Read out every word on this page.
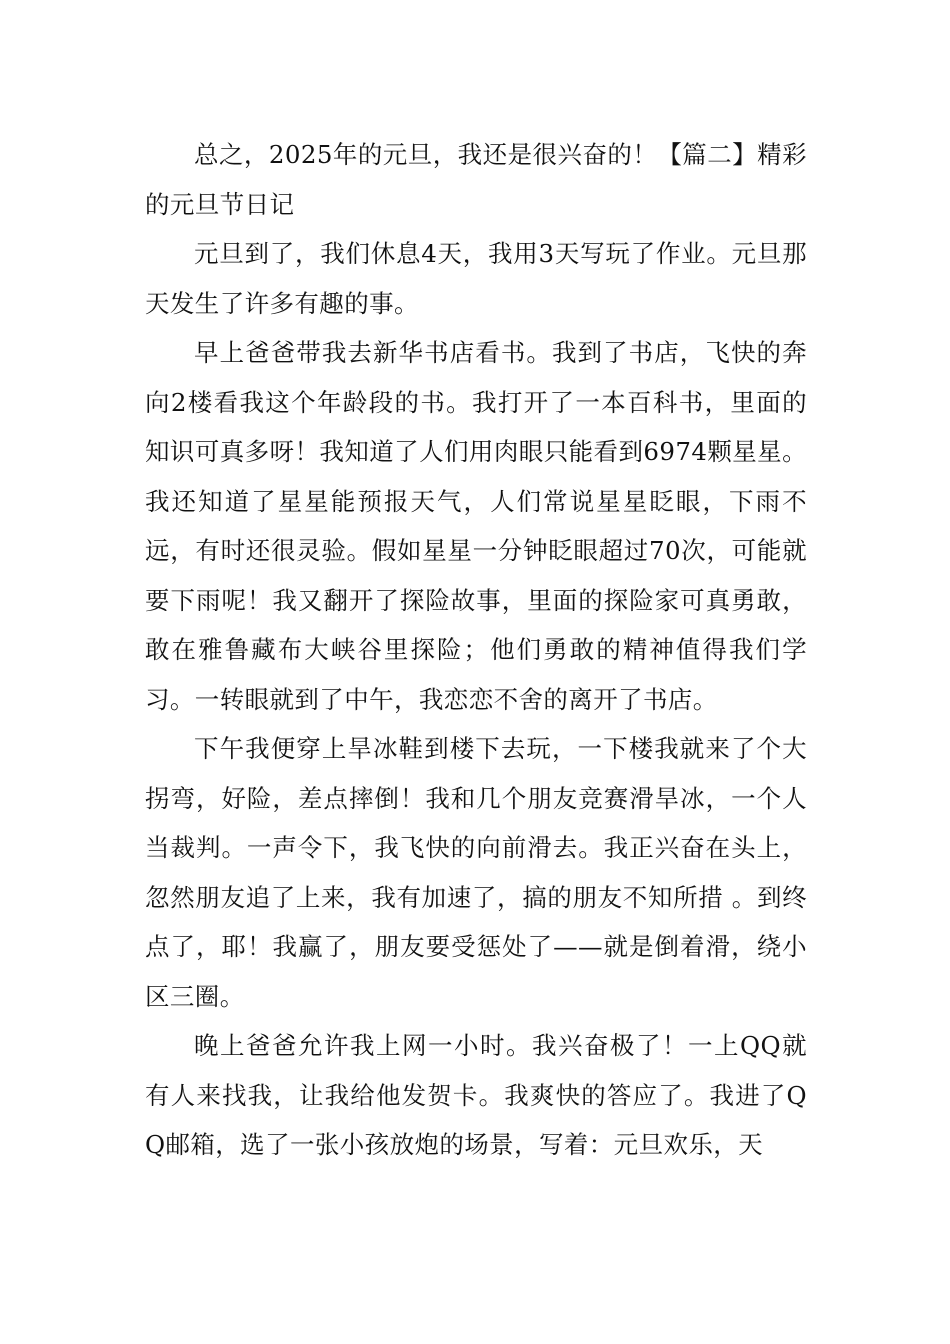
总之，2025年的元旦，我还是很兴奋的！【篇二】精彩的元旦节日记

元旦到了，我们休息4天，我用3天写玩了作业。元旦那天发生了许多有趣的事。

早上爸爸带我去新华书店看书。我到了书店，飞快的奔向2楼看我这个年龄段的书。我打开了一本百科书，里面的知识可真多呀！我知道了人们用肉眼只能看到6974颗星星。我还知道了星星能预报天气，人们常说星星眨眼，下雨不远，有时还很灵验。假如星星一分钟眨眼超过70次，可能就要下雨呢！我又翻开了探险故事，里面的探险家可真勇敢，敢在雅鲁藏布大峡谷里探险；他们勇敢的精神值得我们学习。一转眼就到了中午，我恋恋不舍的离开了书店。

下午我便穿上旱冰鞋到楼下去玩，一下楼我就来了个大拐弯，好险，差点摔倒！我和几个朋友竞赛滑旱冰，一个人当裁判。一声令下，我飞快的向前滑去。我正兴奋在头上，忽然朋友追了上来，我有加速了，搞的朋友不知所措 。到终点了，耶！我赢了，朋友要受惩处了——就是倒着滑，绕小区三圈。

晚上爸爸允许我上网一小时。我兴奋极了！一上QQ就有人来找我，让我给他发贺卡。我爽快的答应了。我进了QQ邮箱，选了一张小孩放炮的场景，写着：元旦欢乐，天
